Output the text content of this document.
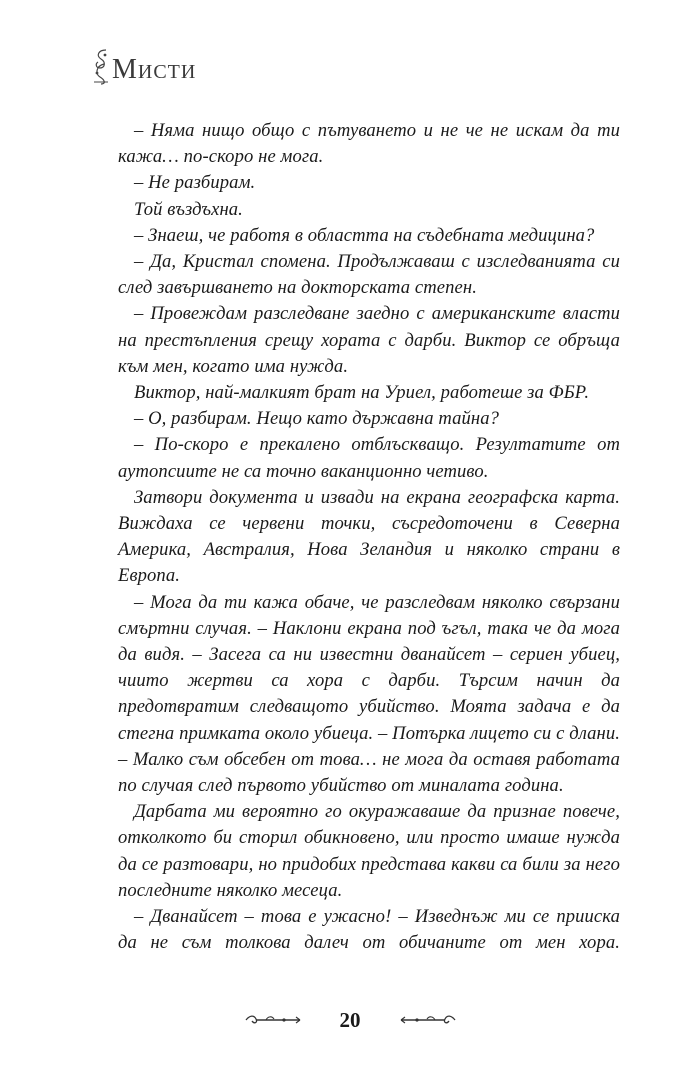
Мисти

– Няма нищо общо с пътуването и не че не искам да ти кажа… по-скоро не мога.

– Не разбирам.

Той въздъхна.

– Знаеш, че работя в областта на съдебната медицина?

– Да, Кристал спомена. Продължаваш с изследванията си след завършването на докторската степен.

– Провеждам разследване заедно с американските власти на престъпления срещу хората с дарби. Виктор се обръща към мен, когато има нужда.

Виктор, най-малкият брат на Уриел, работеше за ФБР.

– О, разбирам. Нещо като държавна тайна?

– По-скоро е прекалено отблъскващо. Резултатите от аутопсиите не са точно ваканционно четиво.

Затвори документа и извади на екрана географска карта. Виждаха се червени точки, съсредоточени в Северна Америка, Австралия, Нова Зеландия и няколко страни в Европа.

– Мога да ти кажа обаче, че разследвам няколко свързани смъртни случая. – Наклони екрана под ъгъл, така че да мога да видя. – Засега са ни известни дванайсет – сериен убиец, чиито жертви са хора с дарби. Търсим начин да предотвратим следващото убийство. Моята задача е да стегна примката около убиеца. – Потърка лицето си с длани. – Малко съм обсебен от това… не мога да оставя работата по случая след първото убийство от миналата година.

Дарбата ми вероятно го окуражаваше да признае повече, отколкото би сторил обикновено, или просто имаше нужда да се разтовари, но придобих представа какви са били за него последните няколко месеца.

– Дванайсет – това е ужасно! – Изведнъж ми се прииска да не съм толкова далеч от обичаните от мен хора.

20
